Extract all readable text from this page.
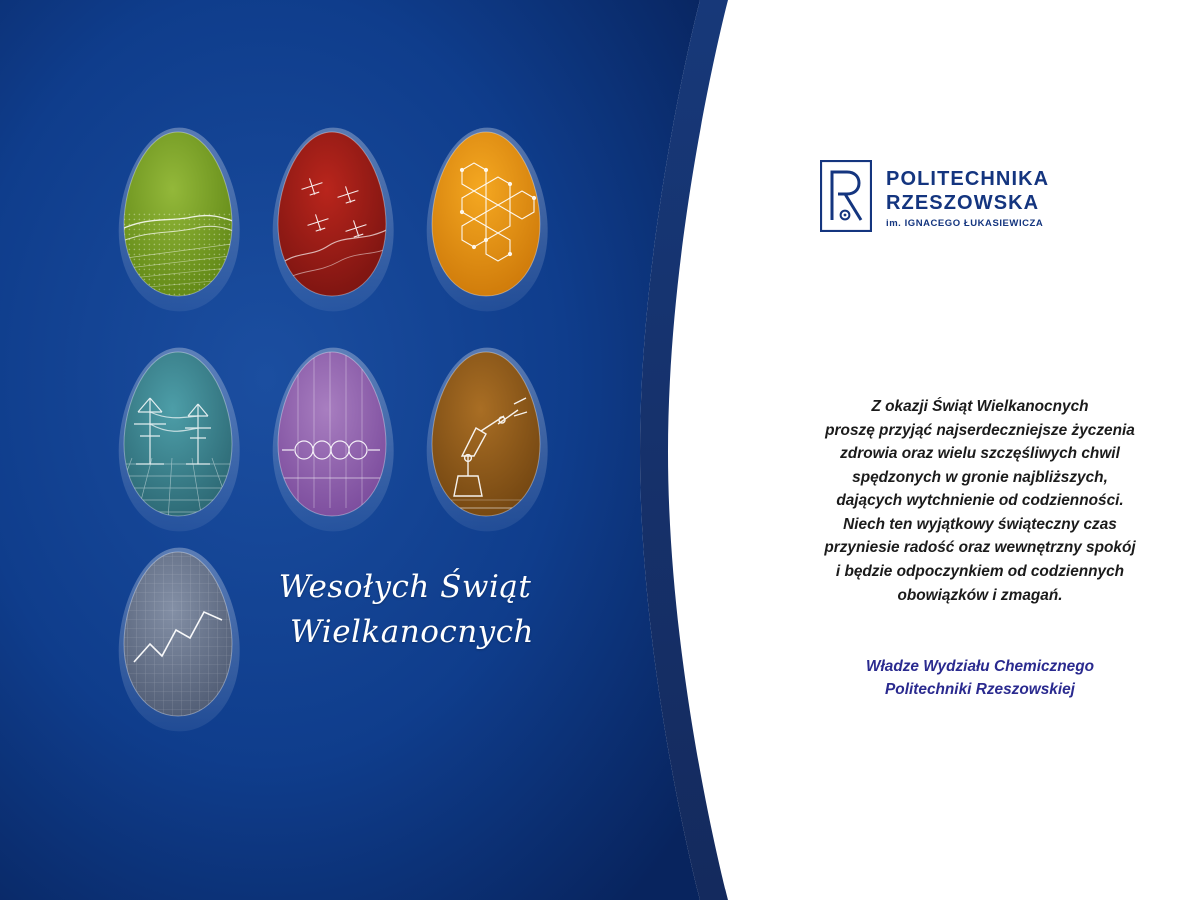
Wesołych Świąt
Wielkanocnych
POLITECHNIKA
RZESZOWSKA
im. IGNACEGO ŁUKASIEWICZA
Z okazji Świąt Wielkanocnych
proszę przyjąć najserdeczniejsze życzenia
zdrowia oraz wielu szczęśliwych chwil
spędzonych w gronie najbliższych,
dających wytchnienie od codzienności.
Niech ten wyjątkowy świąteczny czas
przyniesie radość oraz wewnętrzny spokój
i będzie odpoczynkiem od codziennych
obowiązków i zmagań.
Władze Wydziału Chemicznego
Politechniki Rzeszowskiej
